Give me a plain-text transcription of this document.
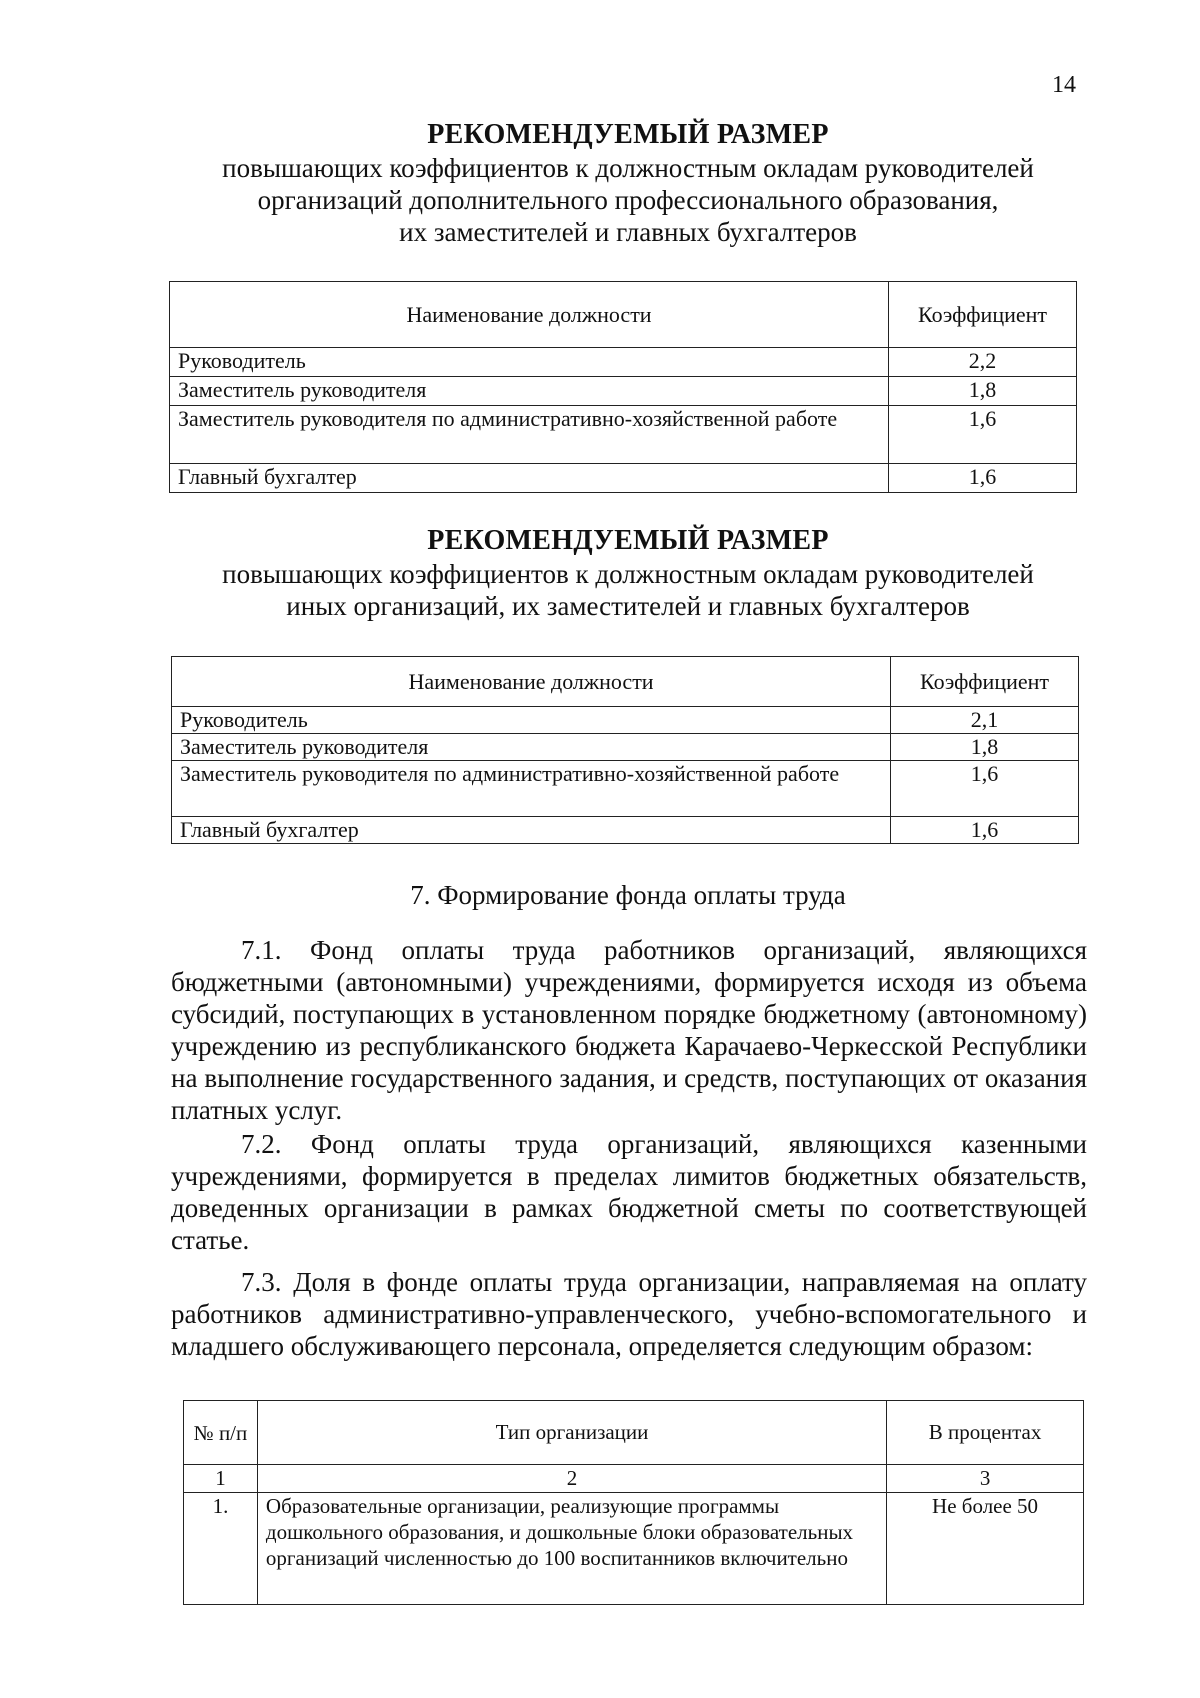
14
РЕКОМЕНДУЕМЫЙ РАЗМЕР
повышающих коэффициентов к должностным окладам руководителей
организаций дополнительного профессионального образования,
их заместителей и главных бухгалтеров
Наименование должности	Коэффициент
Руководитель	2,2
Заместитель руководителя	1,8
Заместитель руководителя по административно-хозяйственной работе	1,6
Главный бухгалтер	1,6
РЕКОМЕНДУЕМЫЙ РАЗМЕР
повышающих коэффициентов к должностным окладам руководителей
иных организаций, их заместителей и главных бухгалтеров
Наименование должности	Коэффициент
Руководитель	2,1
Заместитель руководителя	1,8
Заместитель руководителя по административно-хозяйственной работе	1,6
Главный бухгалтер	1,6
7. Формирование фонда оплаты труда

7.1. Фонд оплаты труда работников организаций, являющихся бюджетными (автономными) учреждениями, формируется исходя из объема субсидий, поступающих в установленном порядке бюджетному (автономному) учреждению из республиканского бюджета Карачаево-Черкесской Республики на выполнение государственного задания, и средств, поступающих от оказания платных услуг.

7.2. Фонд оплаты труда организаций, являющихся казенными учреждениями, формируется в пределах лимитов бюджетных обязательств, доведенных организации в рамках бюджетной сметы по соответствующей статье.

7.3. Доля в фонде оплаты труда организации, направляемая на оплату работников административно-управленческого, учебно-вспомогательного и младшего обслуживающего персонала, определяется следующим образом:

№ п/п	Тип организации	В процентах
1	2	3
1.	Образовательные организации, реализующие программы дошкольного образования, и дошкольные блоки образовательных организаций численностью до 100 воспитанников включительно	Не более 50
